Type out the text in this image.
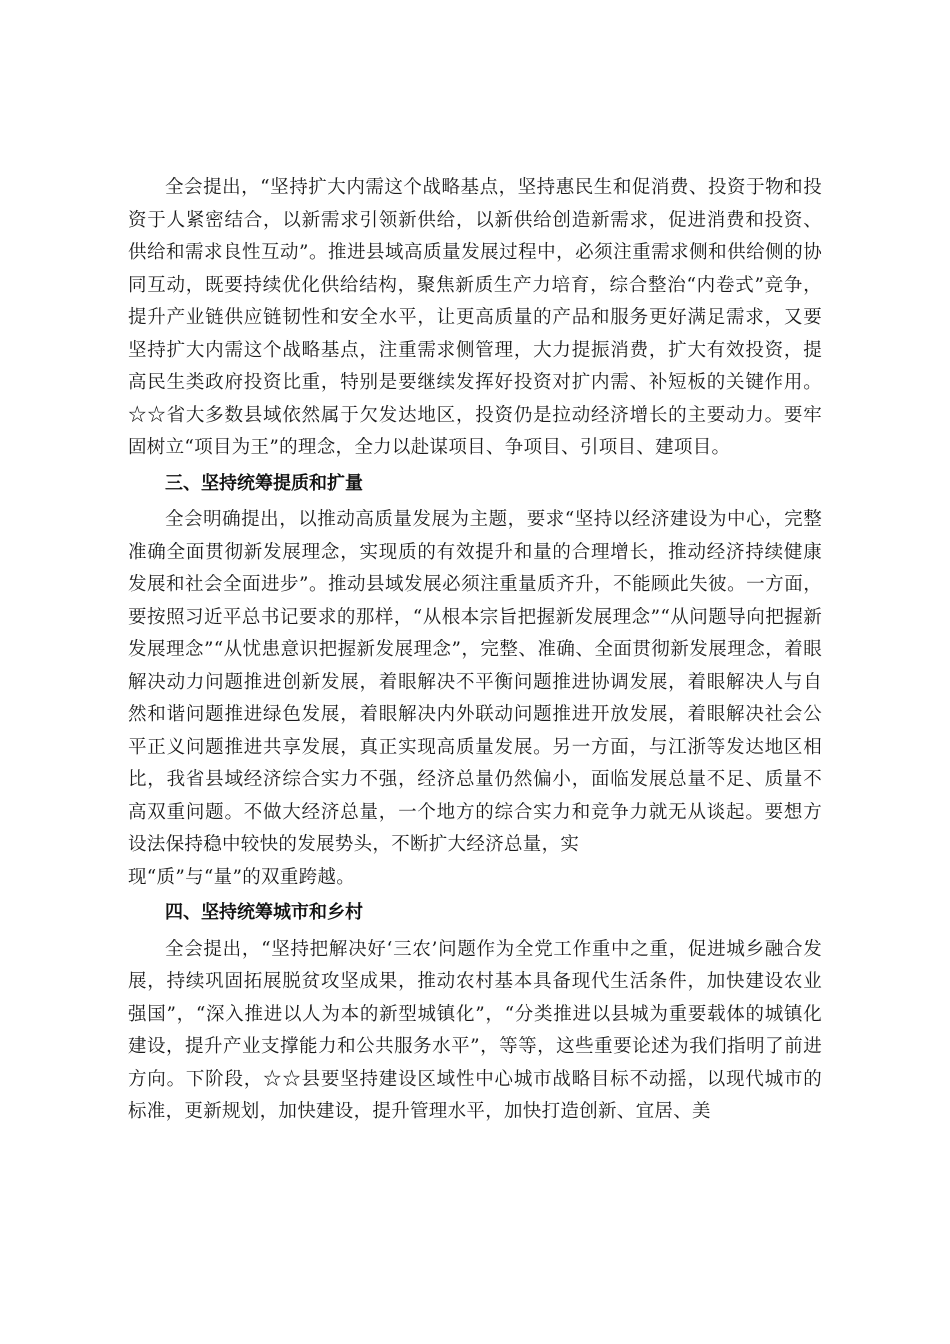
全会提出，“坚持扩大内需这个战略基点，坚持惠民生和促消费、投资于物和投资于人紧密结合，以新需求引领新供给，以新供给创造新需求，促进消费和投资、供给和需求良性互动”。推进县域高质量发展过程中，必须注重需求侧和供给侧的协同互动，既要持续优化供给结构，聚焦新质生产力培育，综合整治“内卷式”竞争，提升产业链供应链韧性和安全水平，让更高质量的产品和服务更好满足需求，又要坚持扩大内需这个战略基点，注重需求侧管理，大力提振消费，扩大有效投资，提高民生类政府投资比重，特别是要继续发挥好投资对扩内需、补短板的关键作用。☆☆省大多数县域依然属于欠发达地区，投资仍是拉动经济增长的主要动力。要牢固树立“项目为王”的理念，全力以赴谋项目、争项目、引项目、建项目。

三、坚持统筹提质和扩量

全会明确提出，以推动高质量发展为主题，要求“坚持以经济建设为中心，完整准确全面贯彻新发展理念，实现质的有效提升和量的合理增长，推动经济持续健康发展和社会全面进步”。推动县域发展必须注重量质齐升，不能顾此失彼。一方面，要按照习近平总书记要求的那样，“从根本宗旨把握新发展理念”“从问题导向把握新发展理念”“从忧患意识把握新发展理念”，完整、准确、全面贯彻新发展理念，着眼解决动力问题推进创新发展，着眼解决不平衡问题推进协调发展，着眼解决人与自然和谐问题推进绿色发展，着眼解决内外联动问题推进开放发展，着眼解决社会公平正义问题推进共享发展，真正实现高质量发展。另一方面，与江浙等发达地区相比，我省县域经济综合实力不强，经济总量仍然偏小，面临发展总量不足、质量不高双重问题。不做大经济总量，一个地方的综合实力和竞争力就无从谈起。要想方设法保持稳中较快的发展势头，不断扩大经济总量，实
现“质”与“量”的双重跨越。

四、坚持统筹城市和乡村

全会提出，“坚持把解决好‘三农’问题作为全党工作重中之重，促进城乡融合发展，持续巩固拓展脱贫攻坚成果，推动农村基本具备现代生活条件，加快建设农业强国”，“深入推进以人为本的新型城镇化”，“分类推进以县城为重要载体的城镇化建设，提升产业支撑能力和公共服务水平”，等等，这些重要论述为我们指明了前进方向。下阶段，☆☆县要坚持建设区域性中心城市战略目标不动摇，以现代城市的标准，更新规划，加快建设，提升管理水平，加快打造创新、宜居、美
